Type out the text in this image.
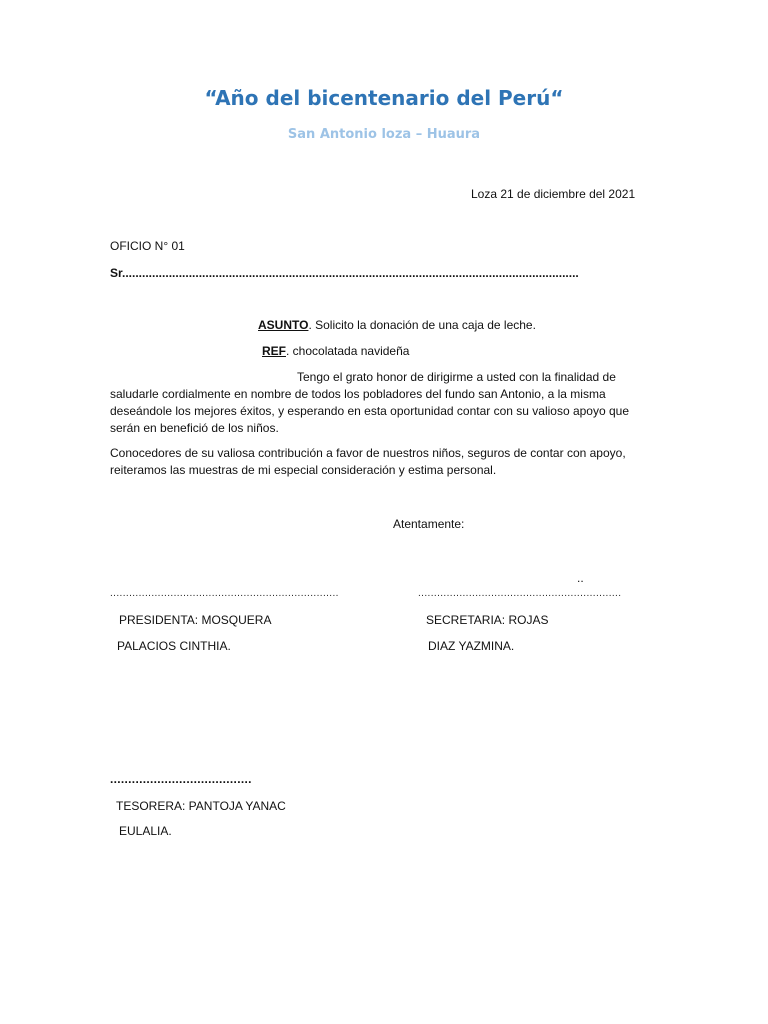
“Año del bicentenario del Perú“
San Antonio loza – Huaura
Loza 21 de diciembre del 2021
OFICIO N° 01
Sr.........................................................................................................................................
ASUNTO. Solicito la donación de una caja de leche.
REF. chocolatada navideña
Tengo el grato honor de dirigirme a usted con la finalidad de saludarle cordialmente en nombre de todos los pobladores del fundo san Antonio, a la misma deseándole los mejores éxitos, y esperando en esta oportunidad contar con su valioso apoyo que serán en benefició de los niños.
Conocedores de su valiosa contribución a favor de nuestros niños, seguros de contar con apoyo, reiteramos las muestras de mi especial consideración y estima personal.
Atentamente:
..
........................................................................	................................................................
PRESIDENTA: MOSQUERA
PALACIOS CINTHIA.
SECRETARIA: ROJAS
DIAZ YAZMINA.
.......................................
TESORERA: PANTOJA YANAC
EULALIA.
